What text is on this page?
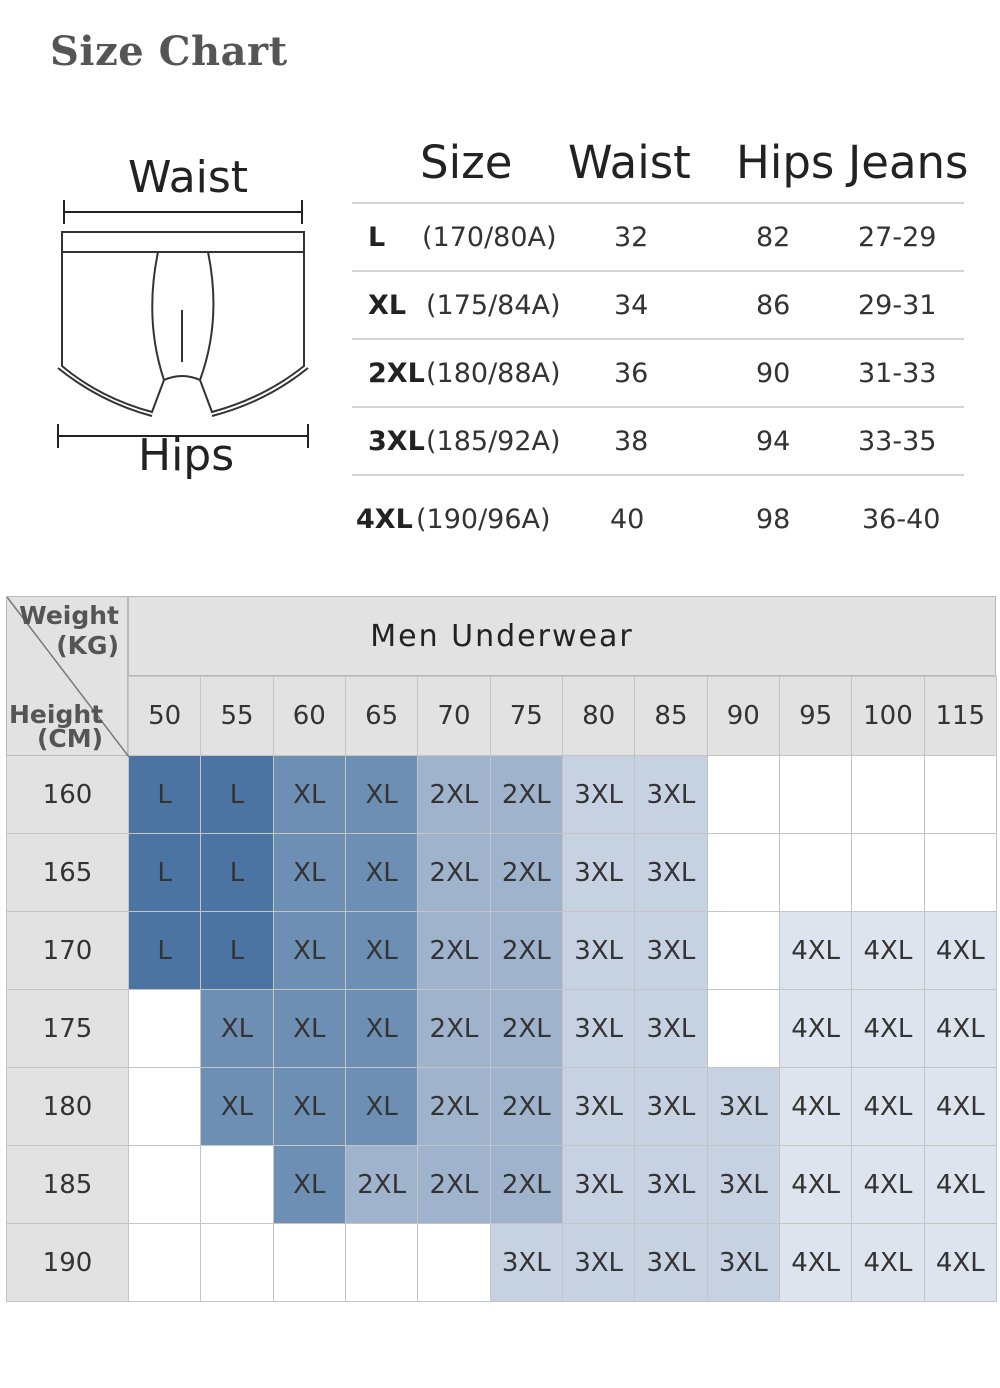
Size Chart
Waist
Hips
Size Waist Hips Jeans
L (170/80A) 32	82	27-29
XL (175/84A) 34	86	29-31
2XL (180/88A) 36	90	31-33
3XL (185/92A) 38	94	33-35
4XL (190/96A) 40	98	36-40
	50	55	60	65	70	75	80	85	90	95	100	115
160	L	L	XL	XL	2XL	2XL	3XL	3XL				
165	L	L	XL	XL	2XL	2XL	3XL	3XL				
170	L	L	XL	XL	2XL	2XL	3XL	3XL		4XL	4XL	4XL
175		XL	XL	XL	2XL	2XL	3XL	3XL		4XL	4XL	4XL
180		XL	XL	XL	2XL	2XL	3XL	3XL	3XL	4XL	4XL	4XL
185			XL	2XL	2XL	2XL	3XL	3XL	3XL	4XL	4XL	4XL
190						3XL	3XL	3XL	3XL	4XL	4XL	4XL
Weight
(KG)
Height
(CM)
Men Underwear
